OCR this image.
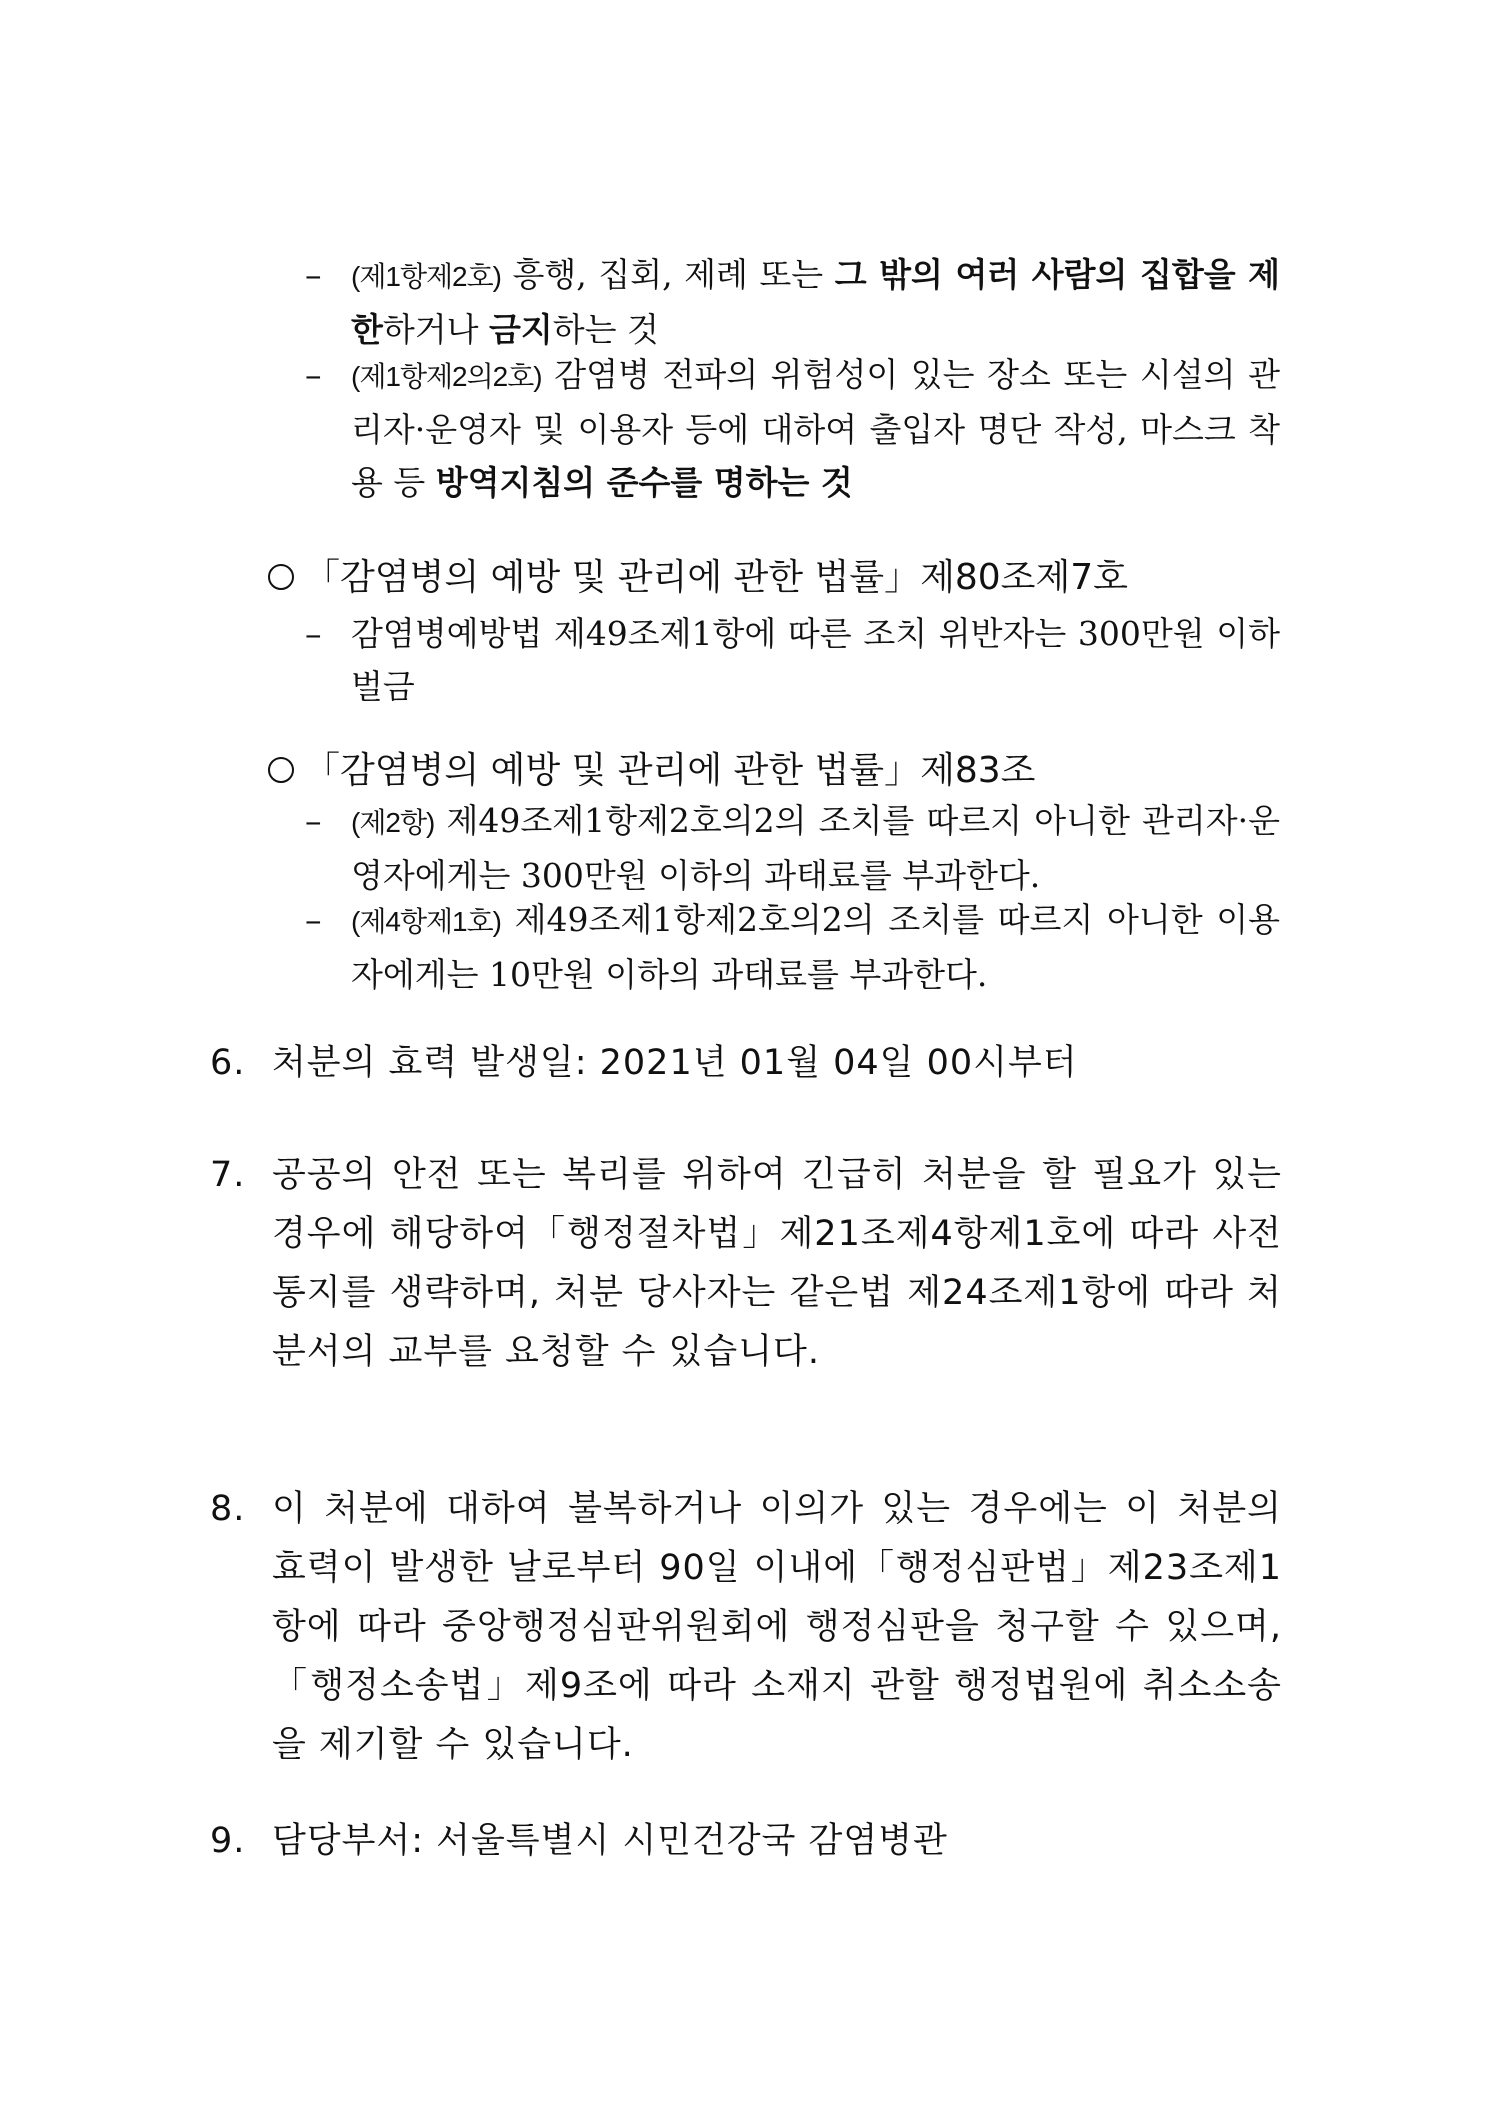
–	(제1항제2호) 흥행, 집회, 제례 또는 그 밖의 여러 사람의 집합을 제한하거나 금지하는 것
–	(제1항제2의2호) 감염병 전파의 위험성이 있는 장소 또는 시설의 관리자·운영자 및 이용자 등에 대하여 출입자 명단 작성, 마스크 착용 등 방역지침의 준수를 명하는 것
「감염병의 예방 및 관리에 관한 법률」제80조제7호
– 감염병예방법 제49조제1항에 따른 조치 위반자는 300만원 이하 벌금
「감염병의 예방 및 관리에 관한 법률」제83조
–	(제2항) 제49조제1항제2호의2의 조치를 따르지 아니한 관리자·운영자에게는 300만원 이하의 과태료를 부과한다.
–	(제4항제1호) 제49조제1항제2호의2의 조치를 따르지 아니한 이용자에게는 10만원 이하의 과태료를 부과한다.
6. 처분의 효력 발생일: 2021년 01월 04일 00시부터
7. 공공의 안전 또는 복리를 위하여 긴급히 처분을 할 필요가 있는 경우에 해당하여「행정절차법」제21조제4항제1호에 따라 사전통지를 생략하며, 처분 당사자는 같은법 제24조제1항에 따라 처분서의 교부를 요청할 수 있습니다.
8. 이 처분에 대하여 불복하거나 이의가 있는 경우에는 이 처분의 효력이 발생한 날로부터 90일 이내에「행정심판법」제23조제1항에 따라 중앙행정심판위원회에 행정심판을 청구할 수 있으며, 「행정소송법」제9조에 따라 소재지 관할 행정법원에 취소소송을 제기할 수 있습니다.
9. 담당부서: 서울특별시 시민건강국 감염병관
